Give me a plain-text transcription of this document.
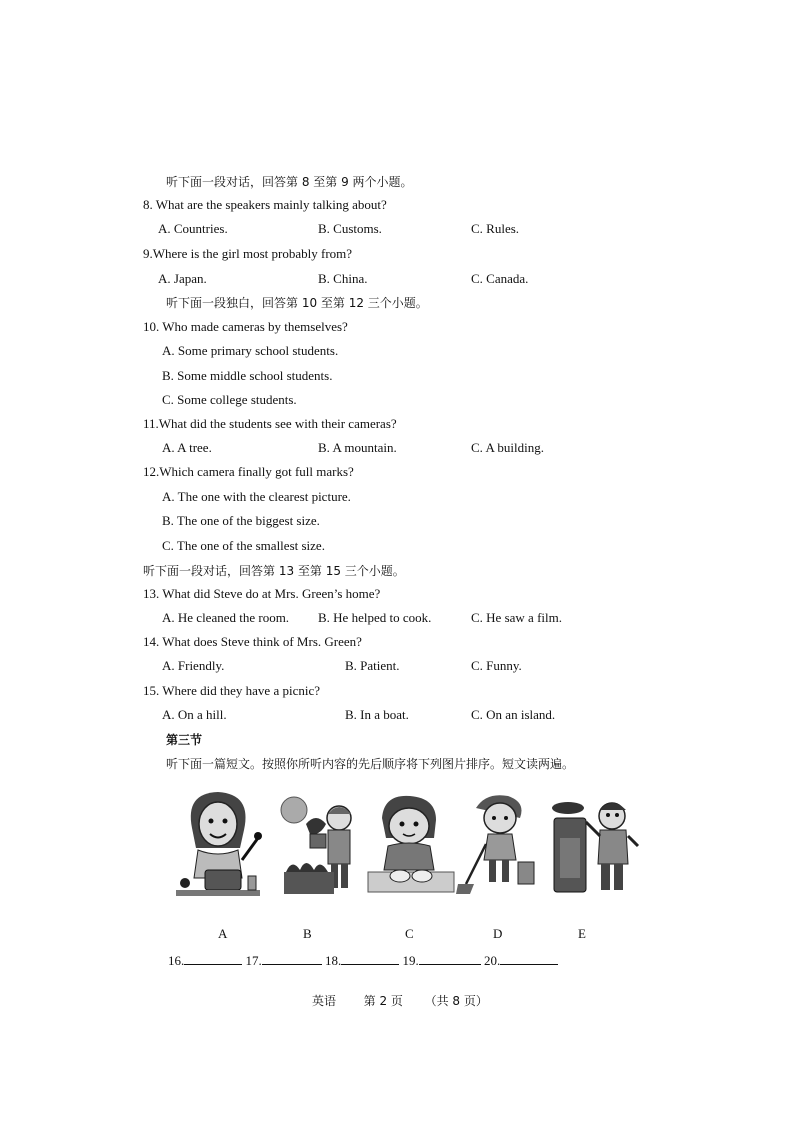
听下面一段对话，回答第 8 至第 9 两个小题。
8. What are the speakers mainly talking about?
A. Countries.	B. Customs.	C. Rules.
9.Where is the girl most probably from?
A. Japan.	B. China.	C. Canada.
听下面一段独白，回答第 10 至第 12 三个小题。
10. Who made cameras by themselves?
A. Some primary school students.
B. Some middle school students.
C. Some college students.
11.What did the students see with their cameras?
A. A tree.	B. A mountain.	C. A building.
12.Which camera finally got full marks?
A. The one with the clearest picture.
B. The one of the biggest size.
C. The one of the smallest size.
听下面一段对话，回答第 13 至第 15 三个小题。
13. What did Steve do at Mrs. Green’s home?
A. He cleaned the room. B. He helped to cook.	C. He saw a film.
14. What does Steve think of Mrs. Green?
A. Friendly.	B. Patient.	C. Funny.
15. Where did they have a picnic?
A. On a hill.	B. In a boat.	C. On an island.
第三节
听下面一篇短文。按照你所听内容的先后顺序将下列图片排序。短文读两遍。
A	B	C	D	E
16.	17.	18.	19.	20.
英语 第 2 页 （共 8 页）
